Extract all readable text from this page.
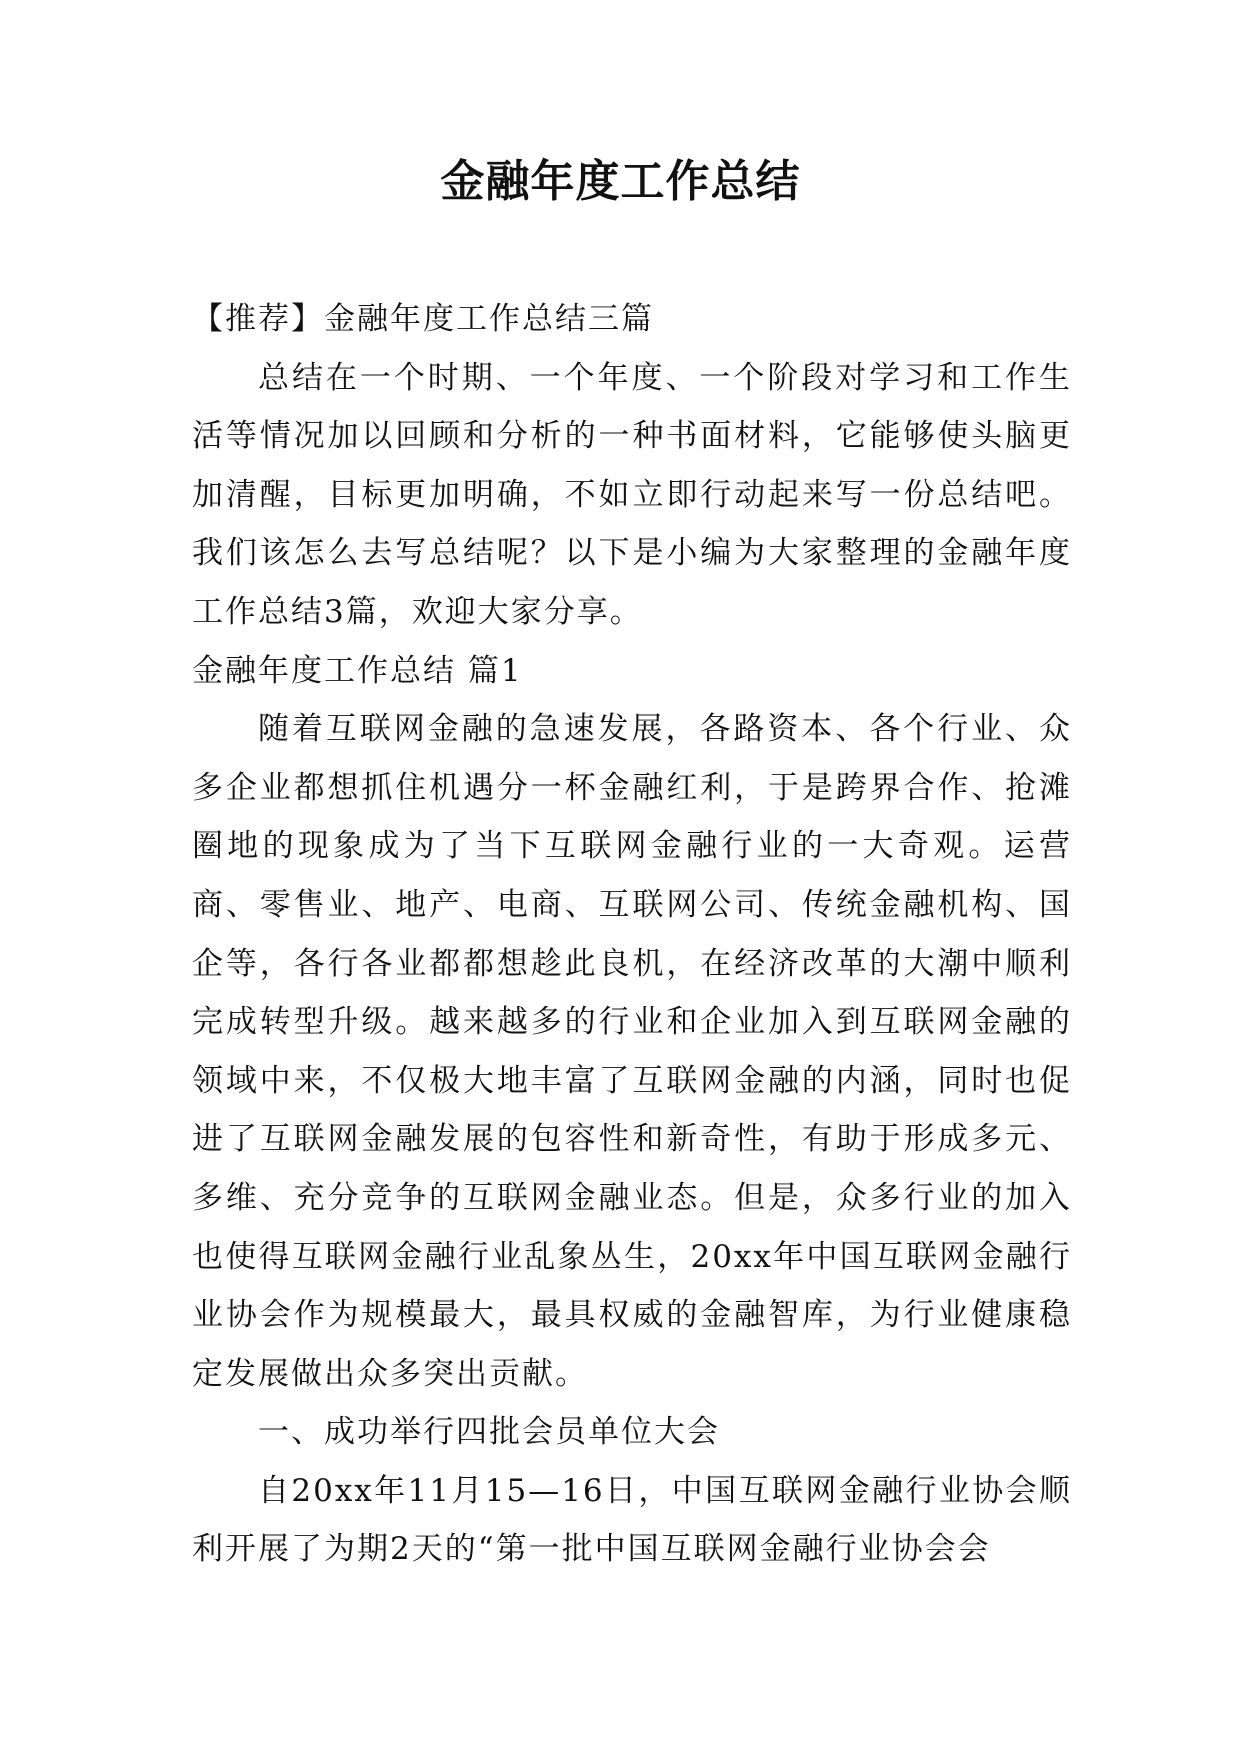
金融年度工作总结

【推荐】金融年度工作总结三篇

总结在一个时期、一个年度、一个阶段对学习和工作生活等情况加以回顾和分析的一种书面材料，它能够使头脑更加清醒，目标更加明确，不如立即行动起来写一份总结吧。我们该怎么去写总结呢？以下是小编为大家整理的金融年度工作总结3篇，欢迎大家分享。

金融年度工作总结 篇1

随着互联网金融的急速发展，各路资本、各个行业、众多企业都想抓住机遇分一杯金融红利，于是跨界合作、抢滩圈地的现象成为了当下互联网金融行业的一大奇观。运营商、零售业、地产、电商、互联网公司、传统金融机构、国企等，各行各业都都想趁此良机，在经济改革的大潮中顺利完成转型升级。越来越多的行业和企业加入到互联网金融的领域中来，不仅极大地丰富了互联网金融的内涵，同时也促进了互联网金融发展的包容性和新奇性，有助于形成多元、多维、充分竞争的互联网金融业态。但是，众多行业的加入也使得互联网金融行业乱象丛生，20xx年中国互联网金融行业协会作为规模最大，最具权威的金融智库，为行业健康稳定发展做出众多突出贡献。

一、成功举行四批会员单位大会

自20xx年11月15—16日，中国互联网金融行业协会顺利开展了为期2天的“第一批中国互联网金融行业协会会
